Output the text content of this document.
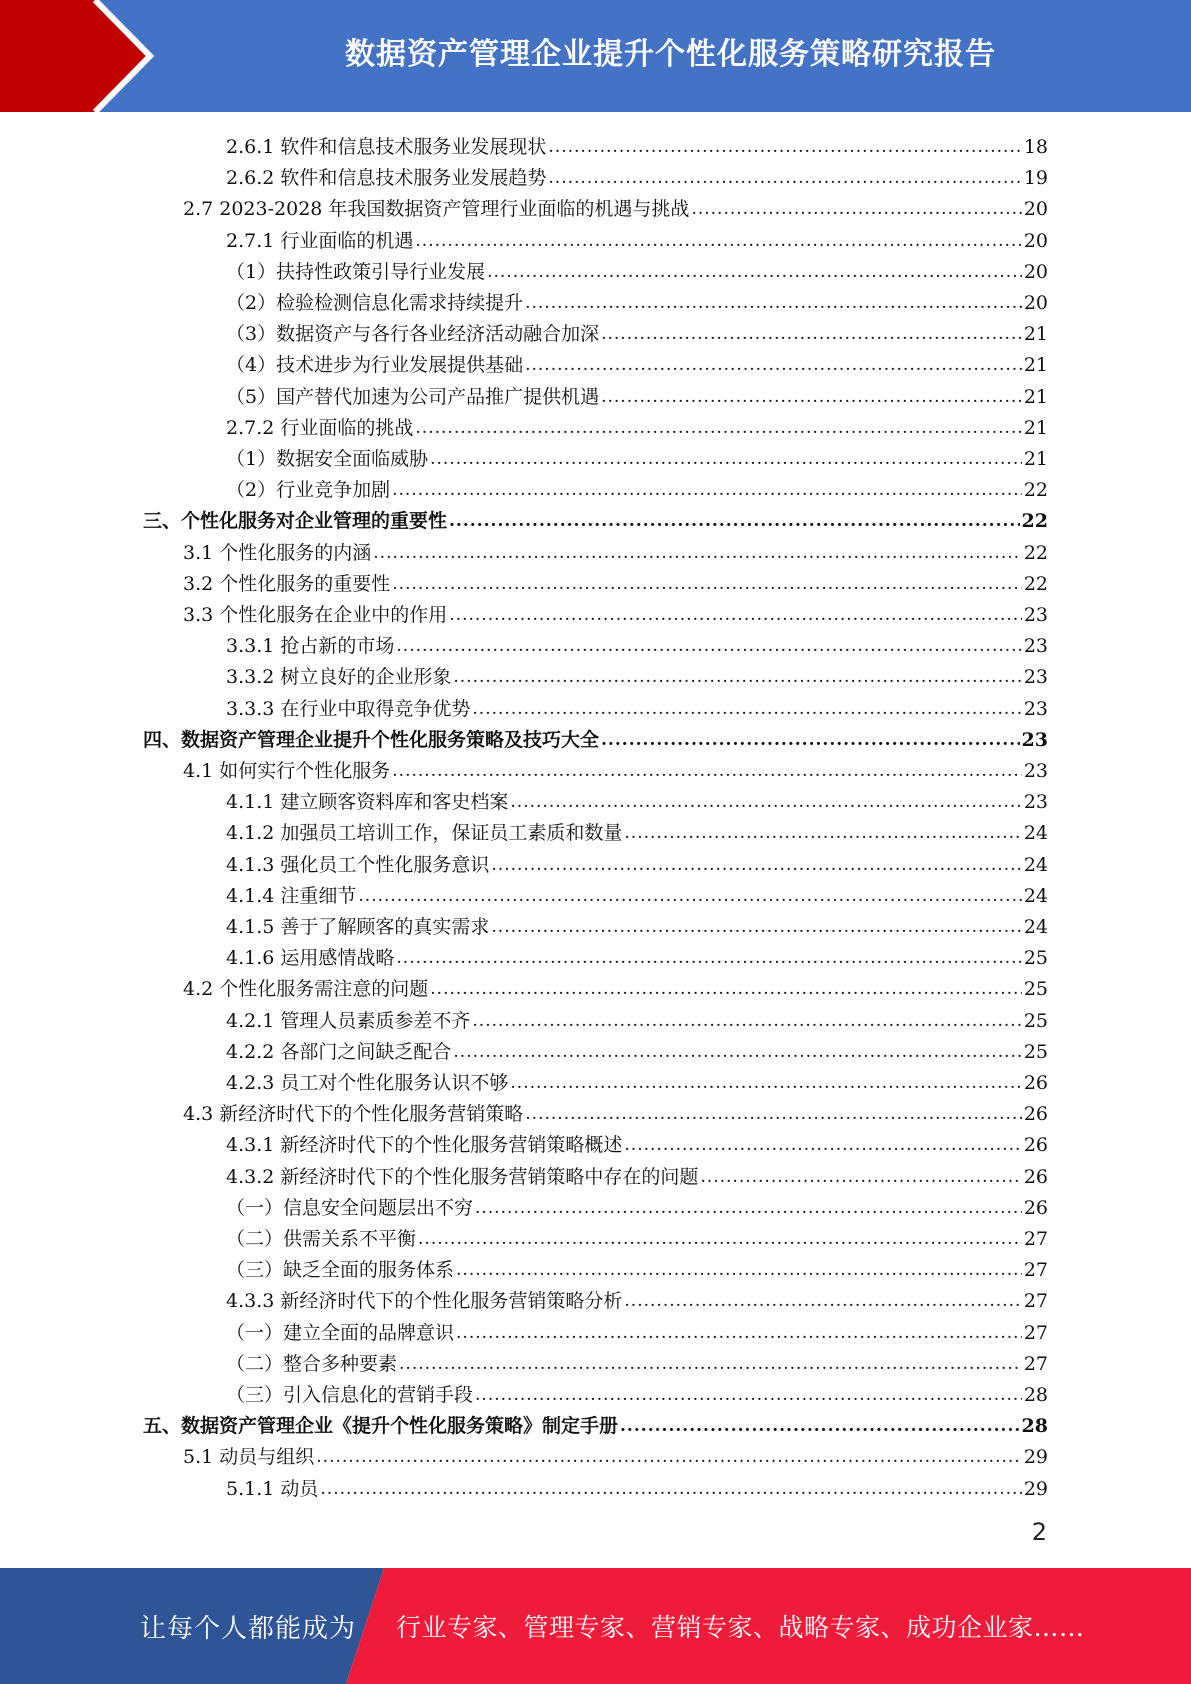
数据资产管理企业提升个性化服务策略研究报告
2.6.1 软件和信息技术服务业发展现状 .....	18
2.6.2 软件和信息技术服务业发展趋势 .....	19
2.7 2023-2028 年我国数据资产管理行业面临的机遇与挑战 .....	20
2.7.1 行业面临的机遇 .....	20
（1）扶持性政策引导行业发展 .....	20
（2）检验检测信息化需求持续提升 .....	20
（3）数据资产与各行各业经济活动融合加深 .....	21
（4）技术进步为行业发展提供基础 .....	21
（5）国产替代加速为公司产品推广提供机遇 .....	21
2.7.2 行业面临的挑战 .....	21
（1）数据安全面临威胁 .....	21
（2）行业竞争加剧 .....	22
三、个性化服务对企业管理的重要性 .....	22
3.1 个性化服务的内涵 .....	22
3.2 个性化服务的重要性 .....	22
3.3 个性化服务在企业中的作用 .....	23
3.3.1 抢占新的市场 .....	23
3.3.2 树立良好的企业形象 .....	23
3.3.3 在行业中取得竞争优势 .....	23
四、数据资产管理企业提升个性化服务策略及技巧大全 .....	23
4.1 如何实行个性化服务 .....	23
4.1.1 建立顾客资料库和客史档案 .....	23
4.1.2 加强员工培训工作，保证员工素质和数量 .....	24
4.1.3 强化员工个性化服务意识 .....	24
4.1.4 注重细节 .....	24
4.1.5 善于了解顾客的真实需求 .....	24
4.1.6 运用感情战略 .....	25
4.2 个性化服务需注意的问题 .....	25
4.2.1 管理人员素质参差不齐 .....	25
4.2.2 各部门之间缺乏配合 .....	25
4.2.3 员工对个性化服务认识不够 .....	26
4.3 新经济时代下的个性化服务营销策略 .....	26
4.3.1 新经济时代下的个性化服务营销策略概述 .....	26
4.3.2 新经济时代下的个性化服务营销策略中存在的问题 .....	26
（一）信息安全问题层出不穷 .....	26
（二）供需关系不平衡 .....	27
（三）缺乏全面的服务体系 .....	27
4.3.3 新经济时代下的个性化服务营销策略分析 .....	27
（一）建立全面的品牌意识 .....	27
（二）整合多种要素 .....	27
（三）引入信息化的营销手段 .....	28
五、数据资产管理企业《提升个性化服务策略》制定手册 .....	28
5.1 动员与组织 .....	29
5.1.1 动员 .....	29
2
让每个人都能成为 行业专家、管理专家、营销专家、战略专家、成功企业家……
